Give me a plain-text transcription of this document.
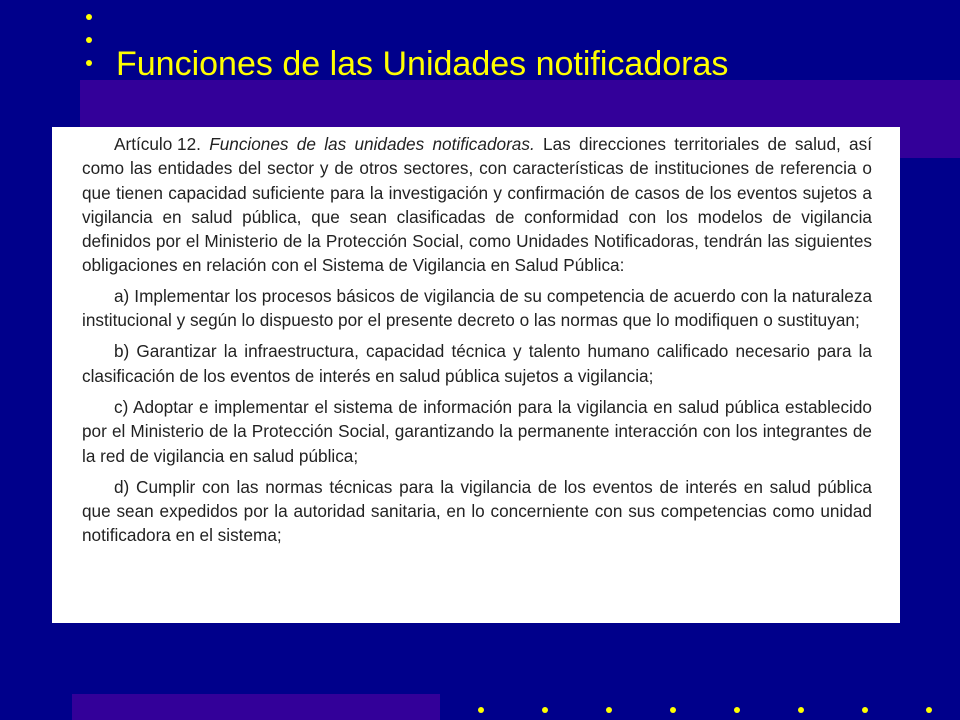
Funciones de las Unidades notificadoras

Artículo 12. Funciones de las unidades notificadoras. Las direcciones territoriales de salud, así como las entidades del sector y de otros sectores, con características de instituciones de referencia o que tienen capacidad suficiente para la investigación y confirmación de casos de los eventos sujetos a vigilancia en salud pública, que sean clasificadas de conformidad con los modelos de vigilancia definidos por el Ministerio de la Protección Social, como Unidades Notificadoras, tendrán las siguientes obligaciones en relación con el Sistema de Vigilancia en Salud Pública:

a) Implementar los procesos básicos de vigilancia de su competencia de acuerdo con la naturaleza institucional y según lo dispuesto por el presente decreto o las normas que lo modifiquen o sustituyan;

b) Garantizar la infraestructura, capacidad técnica y talento humano calificado necesario para la clasificación de los eventos de interés en salud pública sujetos a vigilancia;

c) Adoptar e implementar el sistema de información para la vigilancia en salud pública establecido por el Ministerio de la Protección Social, garantizando la permanente interacción con los integrantes de la red de vigilancia en salud pública;

d) Cumplir con las normas técnicas para la vigilancia de los eventos de interés en salud pública que sean expedidos por la autoridad sanitaria, en lo concerniente con sus competencias como unidad notificadora en el sistema;
